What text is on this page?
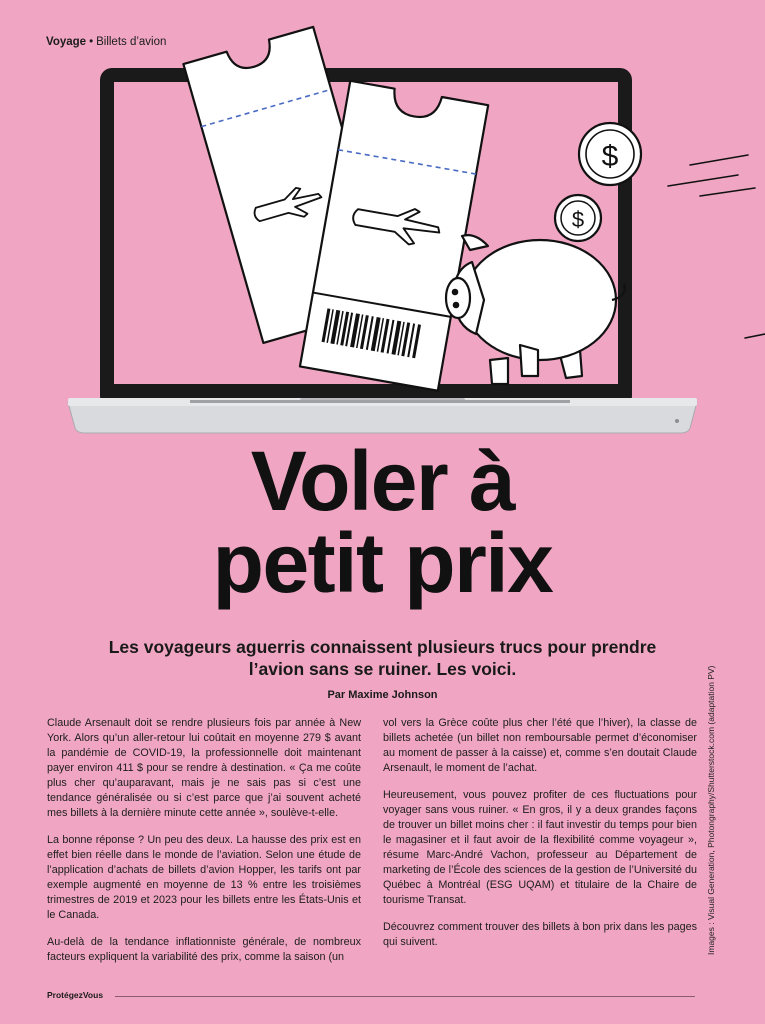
Voyage • Billets d’avion
$
$
Voler à
petit prix
Les voyageurs aguerris connaissent plusieurs trucs pour prendre l’avion sans se ruiner. Les voici.
Par Maxime Johnson

Claude Arsenault doit se rendre plusieurs fois par année à New York. Alors qu’un aller-retour lui coûtait en moyenne 279 $ avant la pandémie de COVID-19, la professionnelle doit maintenant payer environ 411 $ pour se rendre à destination. « Ça me coûte plus cher qu’auparavant, mais je ne sais pas si c’est une tendance généralisée ou si c’est parce que j’ai souvent acheté mes billets à la dernière minute cette année », soulève-t-elle.

La bonne réponse ? Un peu des deux. La hausse des prix est en effet bien réelle dans le monde de l’aviation. Selon une étude de l’application d’achats de billets d’avion Hopper, les tarifs ont par exemple augmenté en moyenne de 13 % entre les troisièmes trimestres de 2019 et 2023 pour les billets entre les États-Unis et le Canada.

Au-delà de la tendance inflationniste générale, de nombreux facteurs expliquent la variabilité des prix, comme la saison (un

vol vers la Grèce coûte plus cher l’été que l’hiver), la classe de billets achetée (un billet non remboursable permet d’économiser au moment de passer à la caisse) et, comme s’en doutait Claude Arsenault, le moment de l’achat.

Heureusement, vous pouvez profiter de ces fluctuations pour voyager sans vous ruiner. « En gros, il y a deux grandes façons de trouver un billet moins cher : il faut investir du temps pour bien le magasiner et il faut avoir de la flexibilité comme voyageur », résume Marc-André Vachon, professeur au Département de marketing de l’École des sciences de la gestion de l’Université du Québec à Montréal (ESG UQAM) et titulaire de la Chaire de tourisme Transat.

Découvrez comment trouver des billets à bon prix dans les pages qui suivent.	Images : Visual Generation, Photongraphy/Shutterstock.com (adaptation PV)
ProtégezVous
